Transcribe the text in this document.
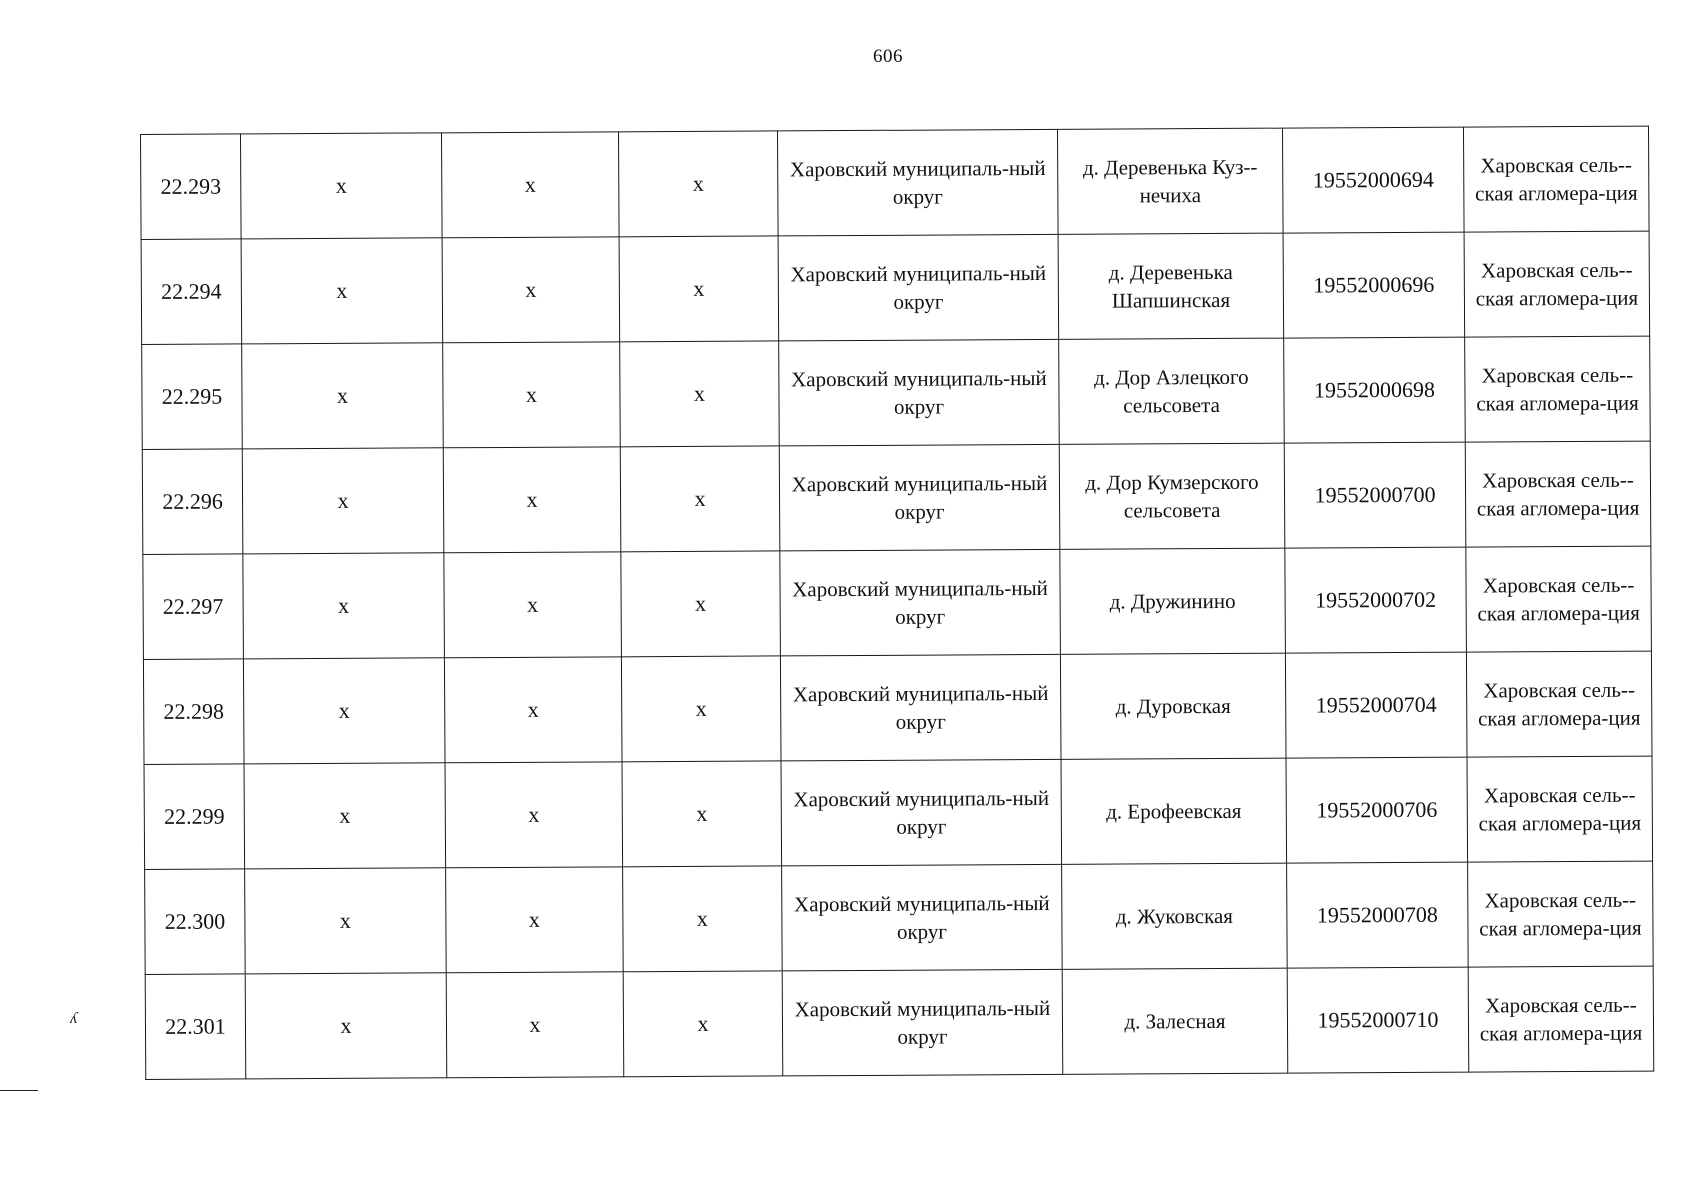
606
22.293	x	x	x	Харовский муниципаль-ный округ	д. Деревенька Куз-нечиха	19552000694	Харовская сель-ская агломера-ция
22.294	x	x	x	Харовский муниципаль-ный округ	д. Деревенька Шапшинская	19552000696	Харовская сель-ская агломера-ция
22.295	x	x	x	Харовский муниципаль-ный округ	д. Дор Азлецкого сельсовета	19552000698	Харовская сель-ская агломера-ция
22.296	x	x	x	Харовский муниципаль-ный округ	д. Дор Кумзерского сельсовета	19552000700	Харовская сель-ская агломера-ция
22.297	x	x	x	Харовский муниципаль-ный округ	д. Дружинино	19552000702	Харовская сель-ская агломера-ция
22.298	x	x	x	Харовский муниципаль-ный округ	д. Дуровская	19552000704	Харовская сель-ская агломера-ция
22.299	x	x	x	Харовский муниципаль-ный округ	д. Ерофеевская	19552000706	Харовская сель-ская агломера-ция
22.300	x	x	x	Харовский муниципаль-ный округ	д. Жуковская	19552000708	Харовская сель-ская агломера-ция
22.301	x	x	x	Харовский муниципаль-ный округ	д. Залесная	19552000710	Харовская сель-ская агломера-ция
ʎ
